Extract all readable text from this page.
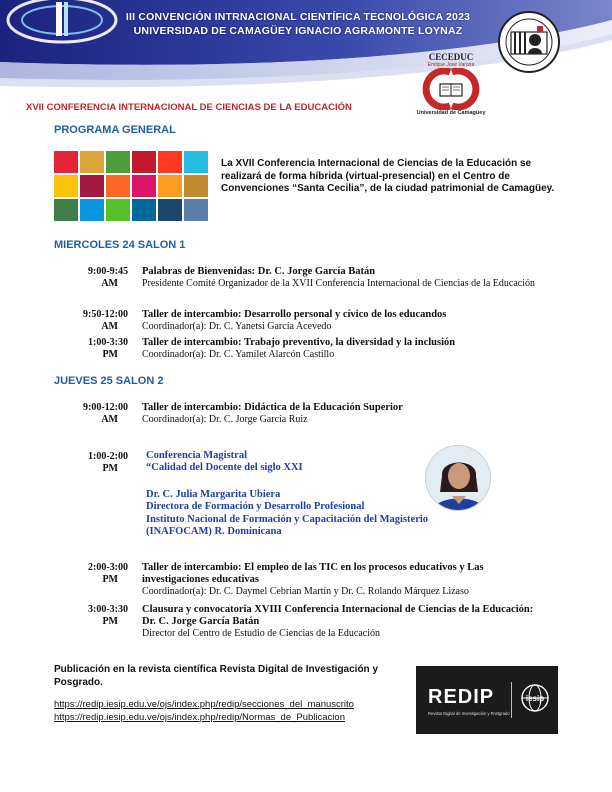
III CONVENCIÓN INTRNACIONAL CIENTÍFICA TECNOLÓGICA 2023
UNIVERSIDAD DE CAMAGÜEY IGNACIO AGRAMONTE LOYNAZ
CECEDUC
Enrique José Varona
Universidad de Camagüey
XVII CONFERENCIA INTERNACIONAL DE CIENCIAS DE LA EDUCACIÓN
PROGRAMA GENERAL
La XVII Conferencia Internacional de Ciencias de la Educación se realizará de forma híbrida (virtual-presencial) en el Centro de Convenciones “Santa Cecilia”, de la ciudad patrimonial de Camagüey.
MIERCOLES 24 SALON 1
9:00-9:45
AM
Palabras de Bienvenidas: Dr. C. Jorge García Batán
Presidente Comité Organizador de la XVII Conferencia Internacional de Ciencias de la Educación
9:50-12:00
AM
Taller de intercambio: Desarrollo personal y cívico de los educandos
Coordinador(a): Dr. C. Yanetsi García Acevedo
1:00-3:30
PM
Taller de intercambio: Trabajo preventivo, la diversidad y la inclusión
Coordinador(a): Dr. C. Yamilet Alarcón Castillo
JUEVES 25 SALON 2
9:00-12:00
AM
Taller de intercambio: Didáctica de la Educación Superior
Coordinador(a): Dr. C. Jorge García Ruiz
1:00-2:00
PM
Conferencia Magistral
“Calidad del Docente del siglo XXI
Dr. C. Julia Margarita Ubiera
Directora de Formación y Desarrollo Profesional
Instituto Nacional de Formación y Capacitación del Magisterio
(INAFOCAM) R. Dominicana
2:00-3:00
PM
Taller de intercambio: El empleo de las TIC en los procesos educativos y Las investigaciones educativas
Coordinador(a): Dr. C. Daymel Cebrian Martín y Dr. C. Rolando Márquez Lizaso
3:00-3:30
PM
Clausura y convocatoria XVIII Conferencia Internacional de Ciencias de la Educación: Dr. C. Jorge García Batán
Director del Centro de Estudio de Ciencias de la Educación
Publicación en la revista científica Revista Digital de Investigación y Posgrado.
https://redip.iesip.edu.ve/ojs/index.php/redip/secciones_del_manuscrito
https://redip.iesip.edu.ve/ojs/index.php/redip/Normas_de_Publicacion
REDIP
Revista Digital de Investigación y Postgrado
iesip
